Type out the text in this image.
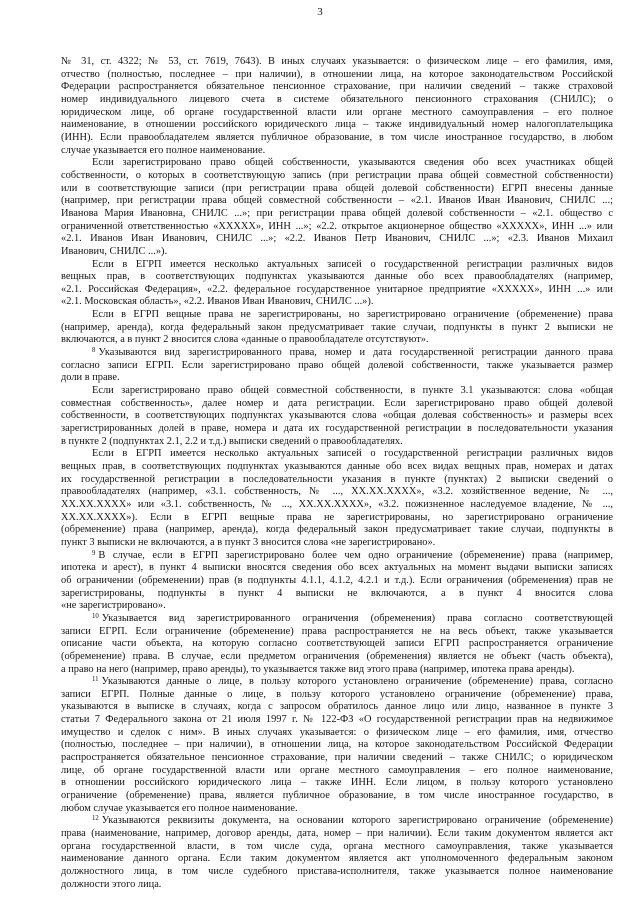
3
№ 31, ст. 4322; № 53, ст. 7619, 7643). В иных случаях указывается: о физическом лице – его фамилия, имя,
отчество (полностью, последнее – при наличии), в отношении лица, на которое законодательством Российской
Федерации распространяется обязательное пенсионное страхование, при наличии сведений – также страховой
номер индивидуального лицевого счета в системе обязательного пенсионного страхования (СНИЛС); о
юридическом лице, об органе государственной власти или органе местного самоуправления – его полное
наименование, в отношении российского юридического лица – также индивидуальный номер налогоплательщика
(ИНН). Если правообладателем является публичное образование, в том числе иностранное государство, в любом
случае указывается его полное наименование.
Если зарегистрировано право общей собственности, указываются сведения обо всех участниках общей
собственности, о которых в соответствующую запись (при регистрации права общей совместной собственности)
или в соответствующие записи (при регистрации права общей долевой собственности) ЕГРП внесены данные
(например, при регистрации права общей совместной собственности – «2.1. Иванов Иван Иванович, СНИЛС ...;
Иванова Мария Ивановна, СНИЛС ...»; при регистрации права общей долевой собственности – «2.1. общество с
ограниченной ответственностью «ХХХХХ», ИНН ...»; «2.2. открытое акционерное общество «ХХХХХ», ИНН ...» или
«2.1. Иванов Иван Иванович, СНИЛС ...»; «2.2. Иванов Петр Иванович, СНИЛС ...»; «2.3. Иванов Михаил
Иванович, СНИЛС ...»).
Если в ЕГРП имеется несколько актуальных записей о государственной регистрации различных видов
вещных прав, в соответствующих подпунктах указываются данные обо всех правообладателях (например,
«2.1. Российская Федерация», «2.2. федеральное государственное унитарное предприятие «ХХХХХ», ИНН ...» или
«2.1. Московская область», «2.2. Иванов Иван Иванович, СНИЛС ...»).
Если в ЕГРП вещные права не зарегистрированы, но зарегистрировано ограничение (обременение) права
(например, аренда), когда федеральный закон предусматривает такие случаи, подпункты в пункт 2 выписки не
включаются, а в пункт 2 вносится слова «данные о правообладателе отсутствуют».
$^8$ Указываются вид зарегистрированного права, номер и дата государственной регистрации данного права
согласно записи ЕГРП. Если зарегистрировано право общей долевой собственности, также указывается размер
доли в праве.
Если зарегистрировано право общей совместной собственности, в пункте 3.1 указываются: слова «общая
совместная собственность», далее номер и дата регистрации. Если зарегистрировано право общей долевой
собственности, в соответствующих подпунктах указываются слова «общая долевая собственность» и размеры всех
зарегистрированных долей в праве, номера и дата их государственной регистрации в последовательности указания
в пункте 2 (подпунктах 2.1, 2.2 и т.д.) выписки сведений о правообладателях.
Если в ЕГРП имеется несколько актуальных записей о государственной регистрации различных видов
вещных прав, в соответствующих подпунктах указываются данные обо всех видах вещных прав, номерах и датах
их государственной регистрации в последовательности указания в пункте (пунктах) 2 выписки сведений о
правообладателях (например, «3.1. собственность, № ..., XX.XX.XXXX», «3.2. хозяйственное ведение, № ...,
XX.XX.XXXX» или «3.1. собственность, № ..., XX.XX.XXXX», «3.2. пожизненное наследуемое владение, № ...,
XX.XX.XXXX»). Если в ЕГРП вещные права не зарегистрированы, но зарегистрировано ограничение
(обременение) права (например, аренда), когда федеральный закон предусматривает такие случаи, подпункты в
пункт 3 выписки не включаются, а в пункт 3 вносится слова «не зарегистрировано».
$^9$ В случае, если в ЕГРП зарегистрировано более чем одно ограничение (обременение) права (например,
ипотека и арест), в пункт 4 выписки вносятся сведения обо всех актуальных на момент выдачи выписки записях
об ограничении (обременении) прав (в подпункты 4.1.1, 4.1.2, 4.2.1 и т.д.). Если ограничения (обременения) прав не
зарегистрированы, подпункты в пункт 4 выписки не включаются, а в пункт 4 вносится слова
«не зарегистрировано».
$^{10}$ Указывается вид зарегистрированного ограничения (обременения) права согласно соответствующей
записи ЕГРП. Если ограничение (обременение) права распространяется не на весь объект, также указывается
описание части объекта, на которую согласно соответствующей записи ЕГРП распространяется ограничение
(обременение) права. В случае, если предметом ограничения (обременения) является не объект (часть объекта),
а право на него (например, право аренды), то указывается также вид этого права (например, ипотека права аренды).
$^{11}$ Указываются данные о лице, в пользу которого установлено ограничение (обременение) права, согласно
записи ЕГРП. Полные данные о лице, в пользу которого установлено ограничение (обременение) права,
указываются в выписке в случаях, когда с запросом обратилось данное лицо или лицо, названное в пункте 3
статьи 7 Федерального закона от 21 июля 1997 г. № 122-ФЗ «О государственной регистрации прав на недвижимое
имущество и сделок с ним». В иных случаях указывается: о физическом лице – его фамилия, имя, отчество
(полностью, последнее – при наличии), в отношении лица, на которое законодательством Российской Федерации
распространяется обязательное пенсионное страхование, при наличии сведений – также СНИЛС; о юридическом
лице, об органе государственной власти или органе местного самоуправления – его полное наименование,
в отношении российского юридического лица – также ИНН. Если лицом, в пользу которого установлено
ограничение (обременение) права, является публичное образование, в том числе иностранное государство, в
любом случае указывается его полное наименование.
$^{12}$ Указываются реквизиты документа, на основании которого зарегистрировано ограничение (обременение)
права (наименование, например, договор аренды, дата, номер – при наличии). Если таким документом является акт
органа государственной власти, в том числе суда, органа местного самоуправления, также указывается
наименование данного органа. Если таким документом является акт уполномоченного федеральным законом
должностного лица, в том числе судебного пристава-исполнителя, также указывается полное наименование
должности этого лица.
